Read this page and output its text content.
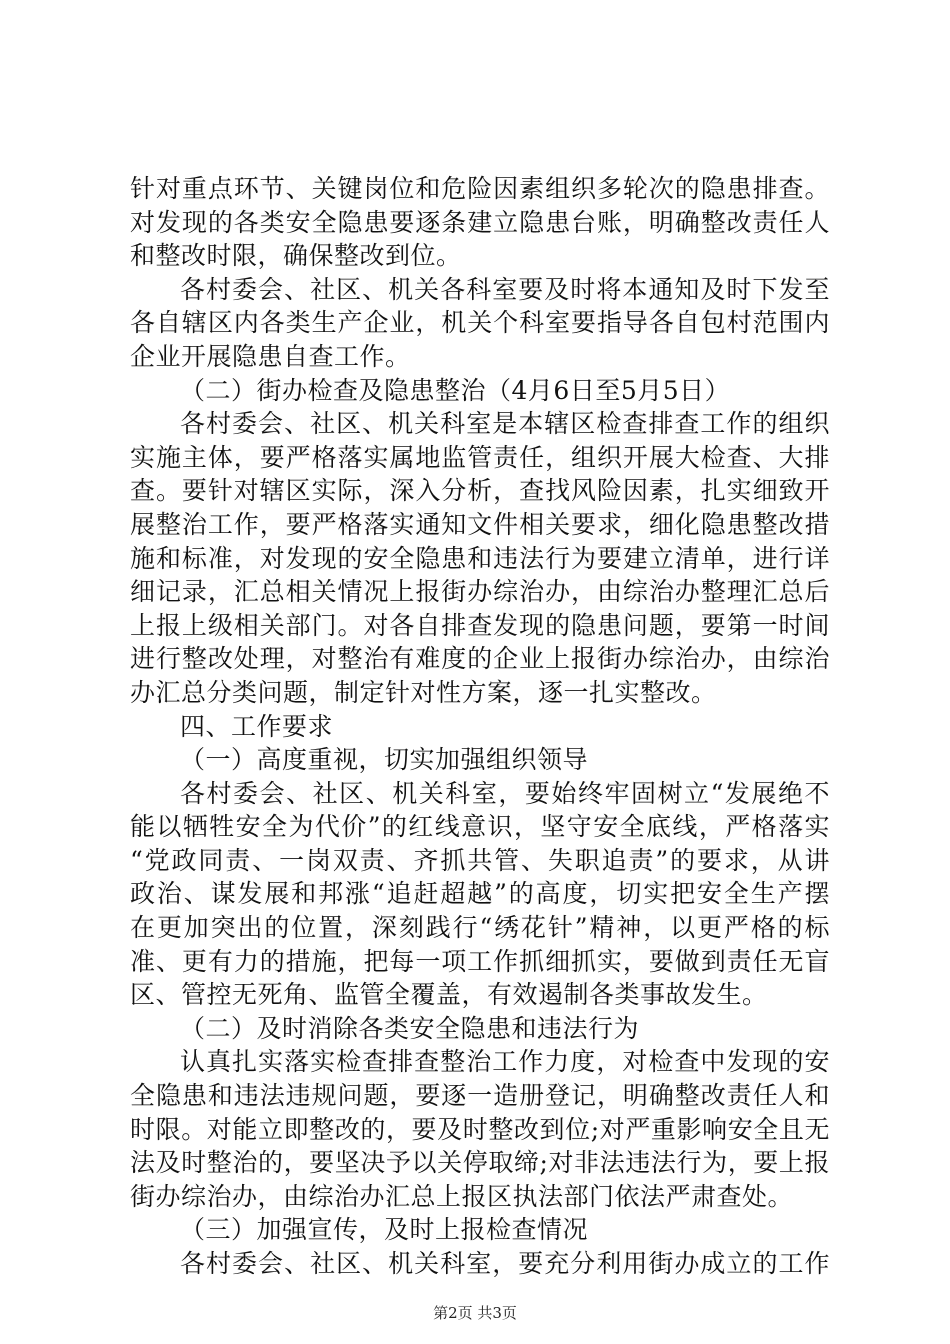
针对重点环节、关键岗位和危险因素组织多轮次的隐患排查。
对发现的各类安全隐患要逐条建立隐患台账，明确整改责任人
和整改时限，确保整改到位。
各村委会、社区、机关各科室要及时将本通知及时下发至
各自辖区内各类生产企业，机关个科室要指导各自包村范围内
企业开展隐患自查工作。
（二）街办检查及隐患整治（4月6日至5月5日）
各村委会、社区、机关科室是本辖区检查排查工作的组织
实施主体，要严格落实属地监管责任，组织开展大检查、大排
查。要针对辖区实际，深入分析，查找风险因素，扎实细致开
展整治工作，要严格落实通知文件相关要求，细化隐患整改措
施和标准，对发现的安全隐患和违法行为要建立清单，进行详
细记录，汇总相关情况上报街办综治办，由综治办整理汇总后
上报上级相关部门。对各自排查发现的隐患问题，要第一时间
进行整改处理，对整治有难度的企业上报街办综治办，由综治
办汇总分类问题，制定针对性方案，逐一扎实整改。
四、工作要求
（一）高度重视，切实加强组织领导
各村委会、社区、机关科室，要始终牢固树立“发展绝不
能以牺牲安全为代价”的红线意识，坚守安全底线，严格落实
“党政同责、一岗双责、齐抓共管、失职追责”的要求，从讲
政治、谋发展和邦涨“追赶超越”的高度，切实把安全生产摆
在更加突出的位置，深刻践行“绣花针”精神，以更严格的标
准、更有力的措施，把每一项工作抓细抓实，要做到责任无盲
区、管控无死角、监管全覆盖，有效遏制各类事故发生。
（二）及时消除各类安全隐患和违法行为
认真扎实落实检查排查整治工作力度，对检查中发现的安
全隐患和违法违规问题，要逐一造册登记，明确整改责任人和
时限。对能立即整改的，要及时整改到位;对严重影响安全且无
法及时整治的，要坚决予以关停取缔;对非法违法行为，要上报
街办综治办，由综治办汇总上报区执法部门依法严肃查处。
（三）加强宣传，及时上报检查情况
各村委会、社区、机关科室，要充分利用街办成立的工作
第2页 共3页
